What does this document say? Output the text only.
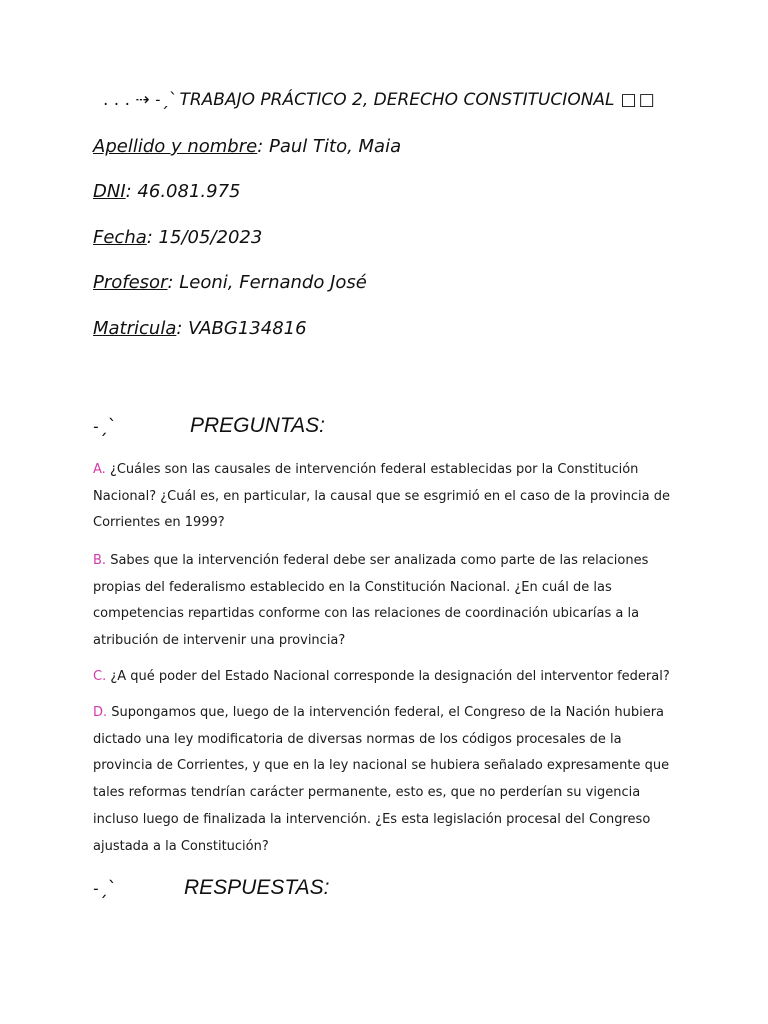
. . . ⇢ ˗ˏˋ TRABAJO PRÁCTICO 2, DERECHO CONSTITUCIONAL □□
Apellido y nombre: Paul Tito, Maia
DNI: 46.081.975
Fecha: 15/05/2023
Profesor: Leoni, Fernando José
Matricula: VABG134816
˗ˏˋ	PREGUNTAS:
A. ¿Cuáles son las causales de intervención federal establecidas por la Constitución Nacional? ¿Cuál es, en particular, la causal que se esgrimió en el caso de la provincia de Corrientes en 1999?
B. Sabes que la intervención federal debe ser analizada como parte de las relaciones propias del federalismo establecido en la Constitución Nacional. ¿En cuál de las competencias repartidas conforme con las relaciones de coordinación ubicarías a la atribución de intervenir una provincia?
C. ¿A qué poder del Estado Nacional corresponde la designación del interventor federal?
D. Supongamos que, luego de la intervención federal, el Congreso de la Nación hubiera dictado una ley modificatoria de diversas normas de los códigos procesales de la provincia de Corrientes, y que en la ley nacional se hubiera señalado expresamente que tales reformas tendrían carácter permanente, esto es, que no perderían su vigencia incluso luego de finalizada la intervención. ¿Es esta legislación procesal del Congreso ajustada a la Constitución?
˗ˏˋ	RESPUESTAS:
